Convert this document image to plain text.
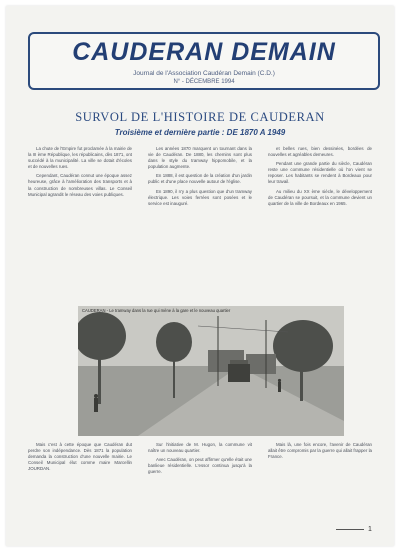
CAUDERAN DEMAIN
Journal de l'Association Caudéran Demain (C.D.)
N° - DÉCEMBRE 1994
SURVOL DE L'HISTOIRE DE CAUDERAN
Troisième et dernière partie : DE 1870 A 1949

La chute de l'Empire fut proclamée à la mairie de la III ème République, les républicains, dès 1871, ont succédé à la municipalité. La ville se dotait d'écoles et de nouvelles rues.

Cependant, Caudéran connut une époque assez heureuse, grâce à l'amélioration des transports et à la construction de nombreuses villas. Le Conseil Municipal agrandit le réseau des voies publiques.

Les années 1870 marquent un tournant dans la vie de Caudéran. De 1880, les chemins sont plus dans le style du tramway hippomobile, et la population augmente.

En 1888, il est question de la création d'un jardin public et d'une place nouvelle autour de l'église.

En 1890, il n'y a plus question que d'un tramway électrique. Les voies ferrées sont posées et le service est inauguré.

et belles rues, bien dessinées, bordées de nouvelles et agréables demeures.

Pendant une grande partie du siècle, Caudéran reste une commune résidentielle où l'on vient se reposer. Les habitants se rendent à Bordeaux pour leur travail.

Au milieu du XX ème siècle, le développement de Caudéran se poursuit, et la commune devient un quartier de la ville de Bordeaux en 1965.

CAUDERAN - Le tramway dans la rue qui mène à la gare et le nouveau quartier

Mais c'est à cette époque que Caudéran dut perdre son indépendance. Dès 1871 la population demanda la construction d'une nouvelle mairie. Le Conseil Municipal élut comme maire Marcellin JOURDAN.

Sur l'initiative de M. Hugon, la commune vit naître un nouveau quartier.

Avec Caudéran, on peut affirmer qu'elle était une banlieue résidentielle. L'essor continua jusqu'à la guerre.

Mais là, une fois encore, l'avenir de Caudéran allait être compromis par la guerre qui allait frapper la France.

1
